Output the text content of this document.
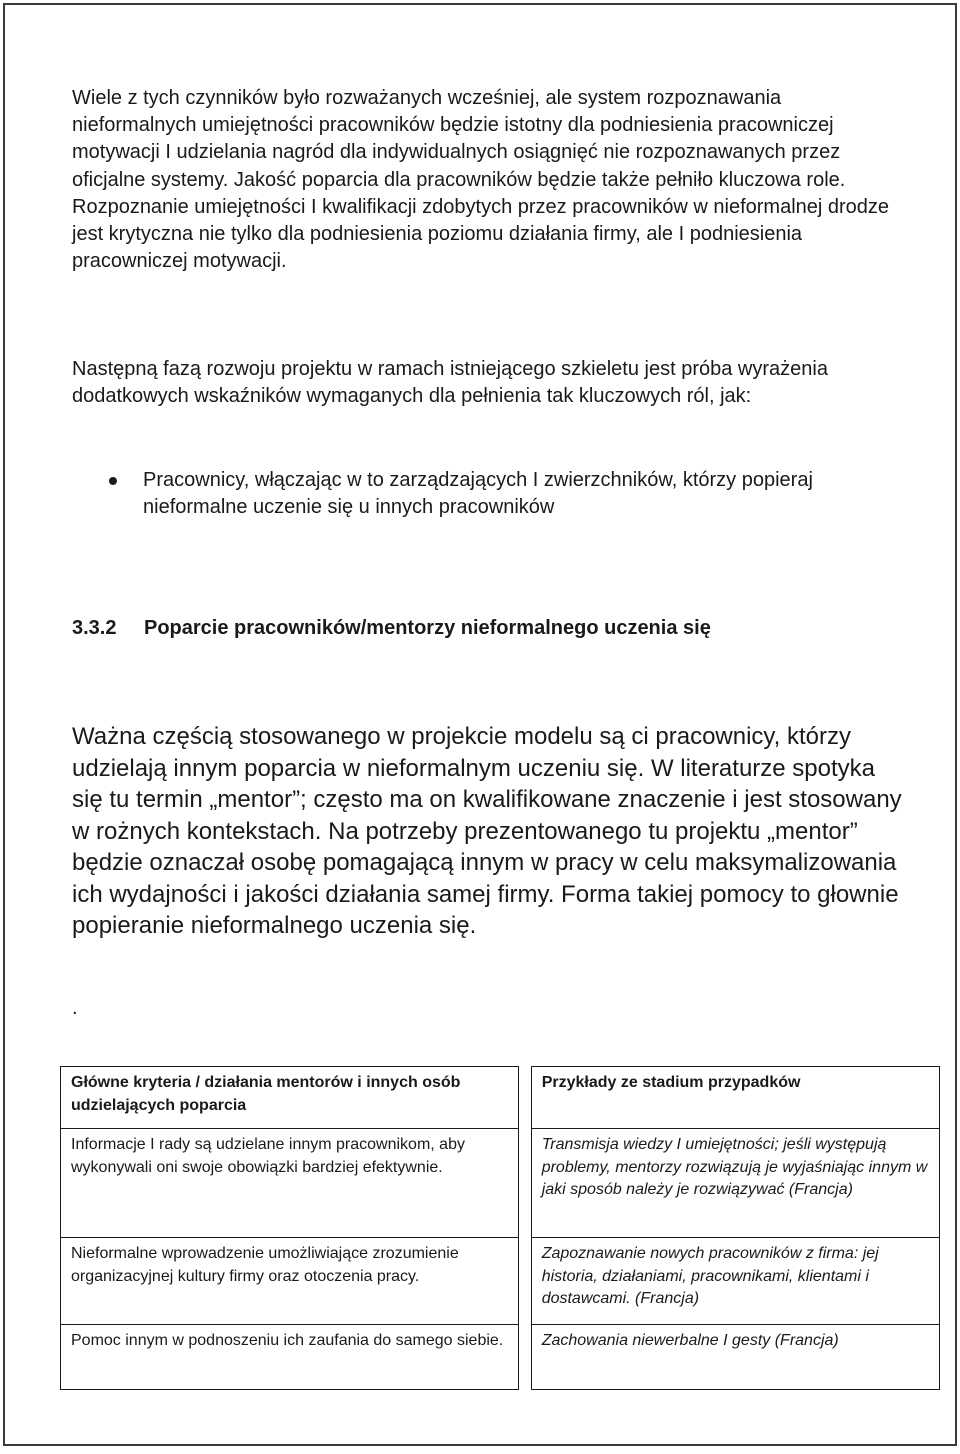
Wiele z tych czynników było rozważanych wcześniej, ale system rozpoznawania nieformalnych umiejętności pracowników będzie istotny dla podniesienia pracowniczej motywacji I udzielania nagród dla indywidualnych osiągnięć nie rozpoznawanych przez oficjalne systemy. Jakość poparcia dla pracowników będzie także pełniło kluczowa role. Rozpoznanie umiejętności I kwalifikacji zdobytych przez pracowników w nieformalnej drodze jest krytyczna nie tylko dla podniesienia poziomu działania firmy, ale I podniesienia pracowniczej motywacji.

Następną fazą rozwoju projektu w ramach istniejącego szkieletu jest próba wyrażenia dodatkowych wskaźników wymaganych dla pełnienia tak kluczowych ról, jak:

Pracownicy, włączając w to zarządzających I zwierzchników, którzy popieraj nieformalne uczenie się u innych pracowników
3.3.2 Poparcie pracowników/mentorzy nieformalnego uczenia się

Ważna częścią stosowanego w projekcie modelu są ci pracownicy, którzy udzielają innym poparcia w nieformalnym uczeniu się. W literaturze spotyka się tu termin „mentor”; często ma on kwalifikowane znaczenie i jest stosowany w rożnych kontekstach. Na potrzeby prezentowanego tu projektu „mentor” będzie oznaczał osobę pomagającą innym w pracy w celu maksymalizowania ich wydajności i jakości działania samej firmy. Forma takiej pomocy to głownie popieranie nieformalnego uczenia się.

.

Główne kryteria / działania mentorów i innych osób udzielających poparcia		Przykłady ze stadium przypadków
Informacje I rady są udzielane innym pracownikom, aby wykonywali oni swoje obowiązki bardziej efektywnie.		Transmisja wiedzy I umiejętności; jeśli występują problemy, mentorzy rozwiązują je wyjaśniając innym w jaki sposób należy je rozwiązywać (Francja)
Nieformalne wprowadzenie umożliwiające zrozumienie organizacyjnej kultury firmy oraz otoczenia pracy.		Zapoznawanie nowych pracowników z firma: jej historia, działaniami, pracownikami, klientami i dostawcami. (Francja)
Pomoc innym w podnoszeniu ich zaufania do samego siebie.		Zachowania niewerbalne I gesty (Francja)
